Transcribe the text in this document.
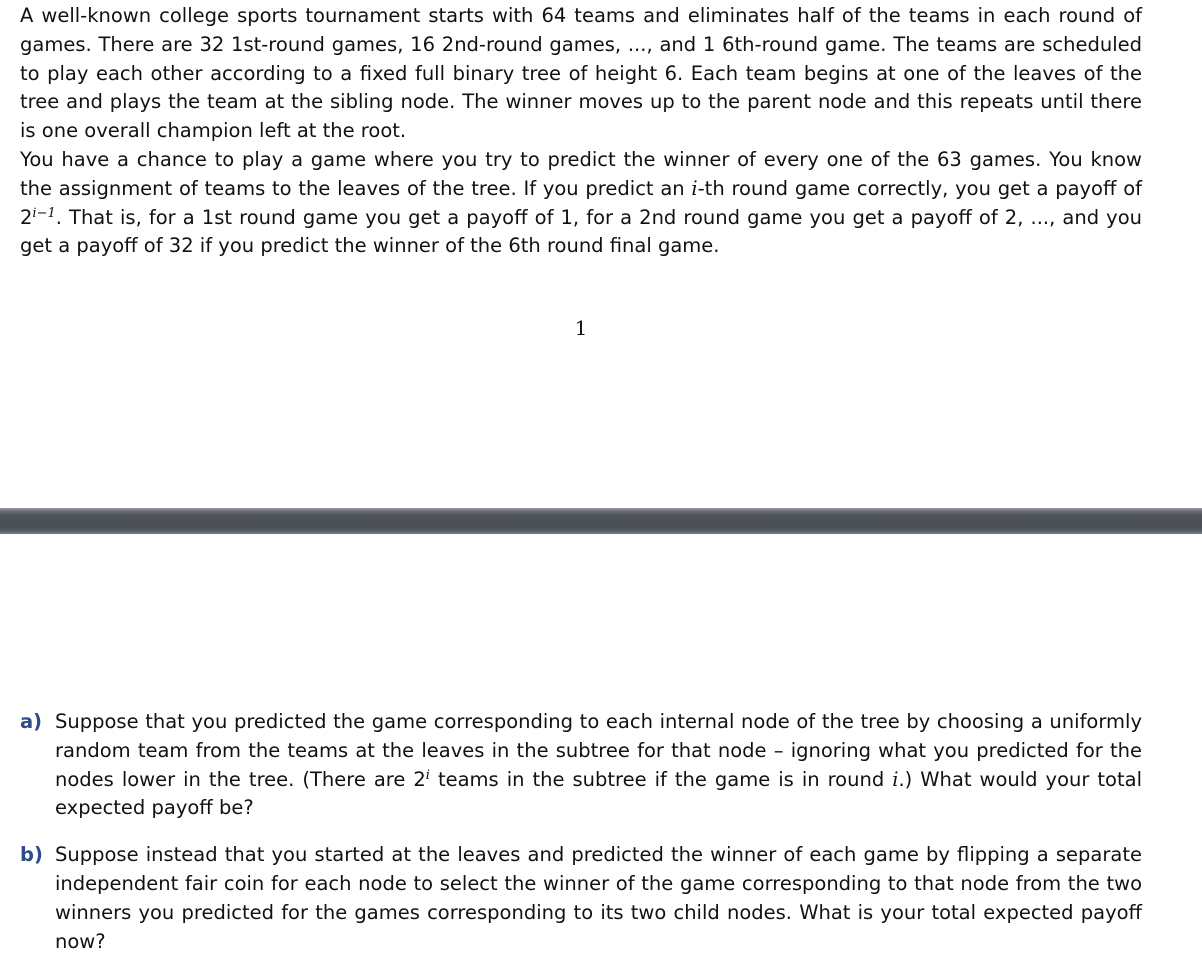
A well-known college sports tournament starts with 64 teams and eliminates half of the teams in each round of games. There are 32 1st-round games, 16 2nd-round games, ..., and 1 6th-round game. The teams are scheduled to play each other according to a fixed full binary tree of height 6. Each team begins at one of the leaves of the tree and plays the team at the sibling node. The winner moves up to the parent node and this repeats until there is one overall champion left at the root.

You have a chance to play a game where you try to predict the winner of every one of the 63 games. You know the assignment of teams to the leaves of the tree. If you predict an i-th round game correctly, you get a payoff of $2^{i-1}$. That is, for a 1st round game you get a payoff of 1, for a 2nd round game you get a payoff of 2, ..., and you get a payoff of 32 if you predict the winner of the 6th round final game.

1
a) Suppose that you predicted the game corresponding to each internal node of the tree by choosing a uniformly random team from the teams at the leaves in the subtree for that node – ignoring what you predicted for the nodes lower in the tree. (There are 2$^i$ teams in the subtree if the game is in round i.) What would your total expected payoff be?
b) Suppose instead that you started at the leaves and predicted the winner of each game by flipping a separate independent fair coin for each node to select the winner of the game corresponding to that node from the two winners you predicted for the games corresponding to its two child nodes. What is your total expected payoff now?
